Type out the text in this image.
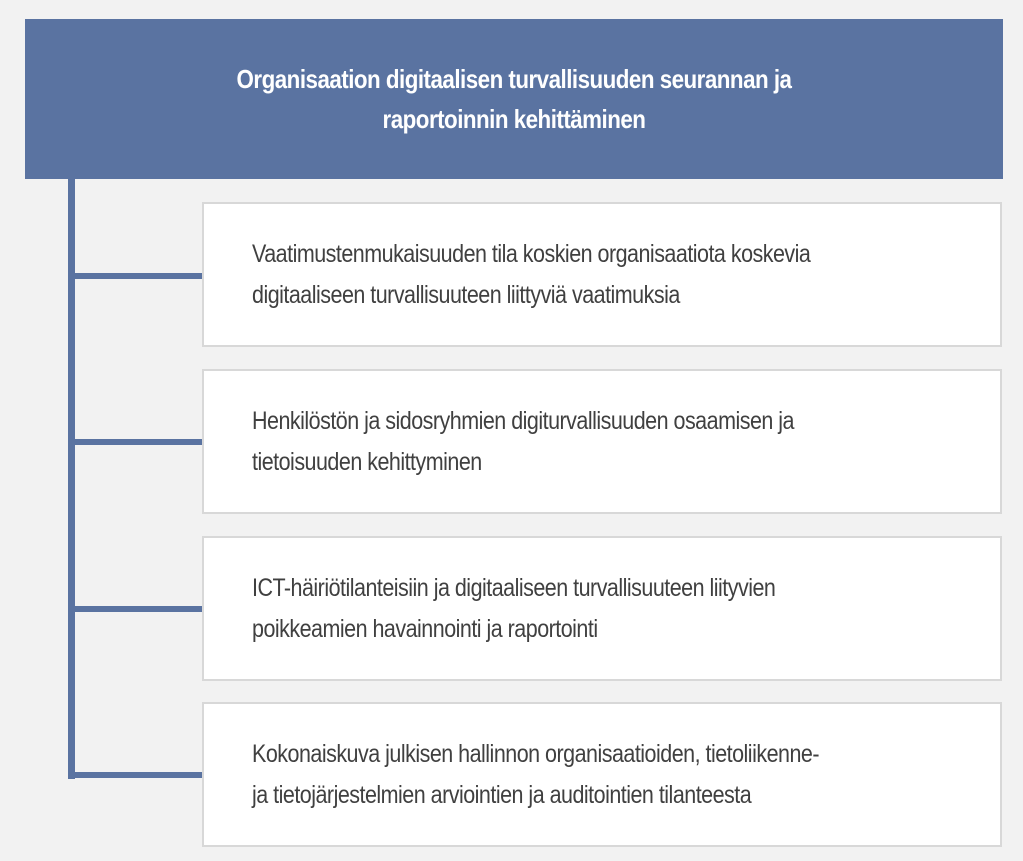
Organisaation digitaalisen turvallisuuden seurannan ja raportoinnin kehittäminen
Vaatimustenmukaisuuden tila koskien organisaatiota koskevia
digitaaliseen turvallisuuteen liittyviä vaatimuksia
Henkilöstön ja sidosryhmien digiturvallisuuden osaamisen ja
tietoisuuden kehittyminen
ICT-häiriötilanteisiin ja digitaaliseen turvallisuuteen liityvien
poikkeamien havainnointi ja raportointi
Kokonaiskuva julkisen hallinnon organisaatioiden, tietoliikenne-
ja tietojärjestelmien arviointien ja auditointien tilanteesta
